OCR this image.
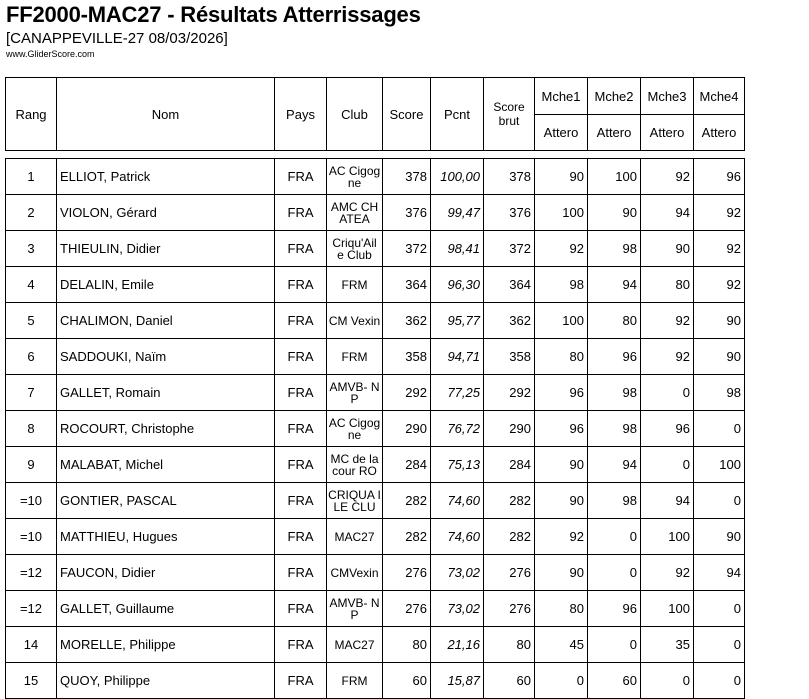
FF2000-MAC27 - Résultats Atterrissages
[CANAPPEVILLE-27 08/03/2026]
www.GliderScore.com
Rang	Nom	Pays	Club	Score	Pcnt	Score brut	Mche1	Mche2	Mche3	Mche4
							Attero	Attero	Attero	Attero
1	ELLIOT, Patrick	FRA	AC Cigogne	378	100,00	378	90	100	92	96
2	VIOLON, Gérard	FRA	AMC CHATEA	376	99,47	376	100	90	94	92
3	THIEULIN, Didier	FRA	Criqu'Ail e Club	372	98,41	372	92	98	90	92
4	DELALIN, Emile	FRA	FRM	364	96,30	364	98	94	80	92
5	CHALIMON, Daniel	FRA	CM Vexin	362	95,77	362	100	80	92	90
6	SADDOUKI, Naïm	FRA	FRM	358	94,71	358	80	96	92	90
7	GALLET, Romain	FRA	AMVB- NP	292	77,25	292	96	98	0	98
8	ROCOURT, Christophe	FRA	AC Cigogne	290	76,72	290	96	98	96	0
9	MALABAT, Michel	FRA	MC de la cour RO	284	75,13	284	90	94	0	100
=10	GONTIER, PASCAL	FRA	CRIQUA ILE CLU	282	74,60	282	90	98	94	0
=10	MATTHIEU, Hugues	FRA	MAC27	282	74,60	282	92	0	100	90
=12	FAUCON, Didier	FRA	CMVexin	276	73,02	276	90	0	92	94
=12	GALLET, Guillaume	FRA	AMVB- NP	276	73,02	276	80	96	100	0
14	MORELLE, Philippe	FRA	MAC27	80	21,16	80	45	0	35	0
15	QUOY, Philippe	FRA	FRM	60	15,87	60	0	60	0	0
